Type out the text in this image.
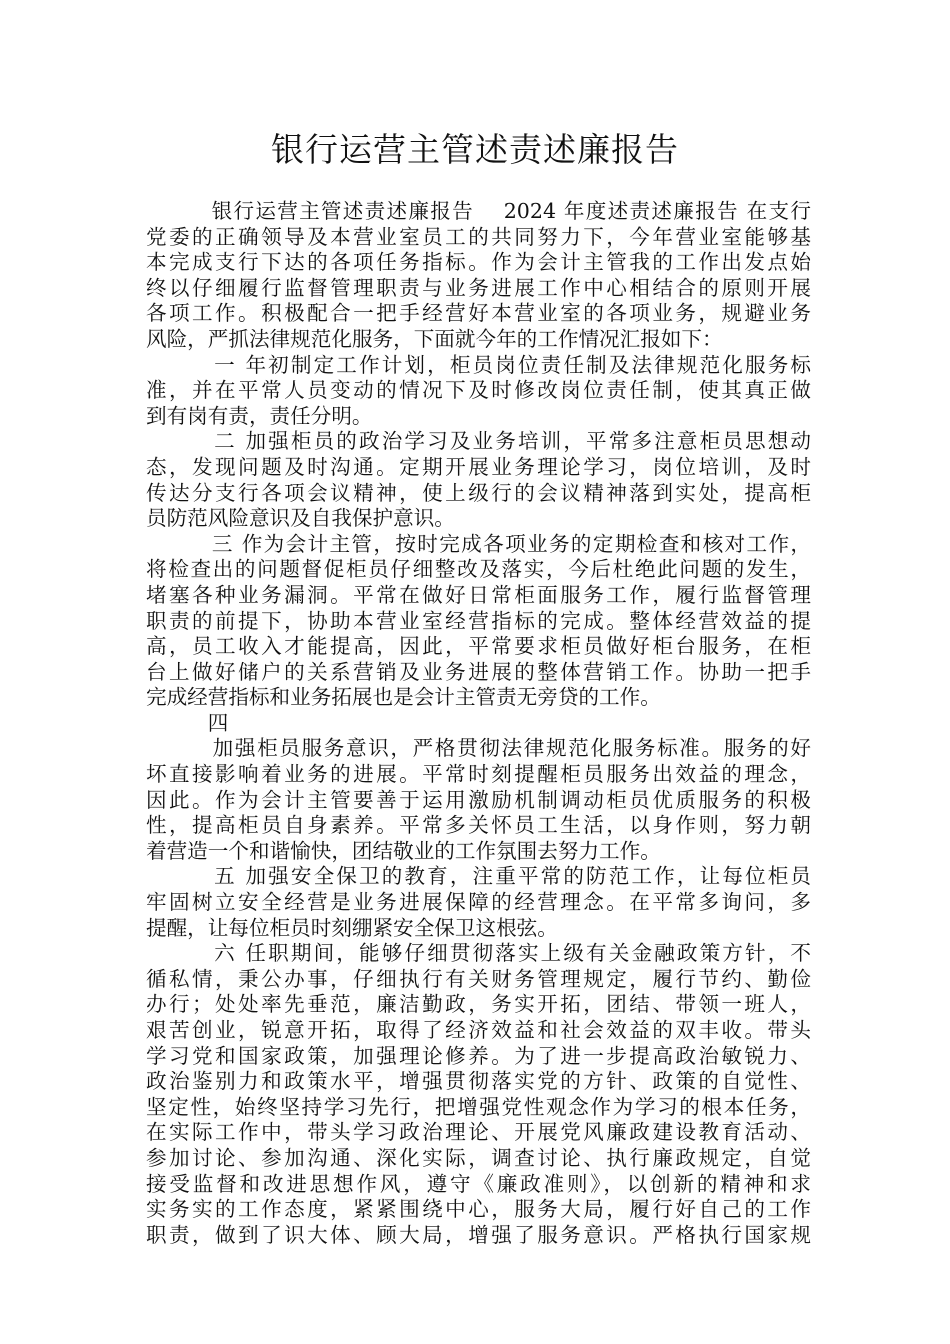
银行运营主管述责述廉报告
　　　银行运营主管述责述廉报告　 2024 年度述责述廉报告 在支行
党委的正确领导及本营业室员工的共同努力下，今年营业室能够基
本完成支行下达的各项任务指标。作为会计主管我的工作出发点始
终以仔细履行监督管理职责与业务进展工作中心相结合的原则开展
各项工作。积极配合一把手经营好本营业室的各项业务，规避业务
风险，严抓法律规范化服务，下面就今年的工作情况汇报如下：
　　　一 年初制定工作计划，柜员岗位责任制及法律规范化服务标
准，并在平常人员变动的情况下及时修改岗位责任制，使其真正做
到有岗有责，责任分明。
　　　二 加强柜员的政治学习及业务培训，平常多注意柜员思想动
态，发现问题及时沟通。定期开展业务理论学习，岗位培训，及时
传达分支行各项会议精神，使上级行的会议精神落到实处，提高柜
员防范风险意识及自我保护意识。
　　　三 作为会计主管，按时完成各项业务的定期检查和核对工作，
将检查出的问题督促柜员仔细整改及落实，今后杜绝此问题的发生，
堵塞各种业务漏洞。平常在做好日常柜面服务工作，履行监督管理
职责的前提下，协助本营业室经营指标的完成。整体经营效益的提
高，员工收入才能提高，因此，平常要求柜员做好柜台服务，在柜
台上做好储户的关系营销及业务进展的整体营销工作。协助一把手
完成经营指标和业务拓展也是会计主管责无旁贷的工作。
　　　四
　　　加强柜员服务意识，严格贯彻法律规范化服务标准。服务的好
坏直接影响着业务的进展。平常时刻提醒柜员服务出效益的理念，
因此。作为会计主管要善于运用激励机制调动柜员优质服务的积极
性，提高柜员自身素养。平常多关怀员工生活，以身作则，努力朝
着营造一个和谐愉快，团结敬业的工作氛围去努力工作。
　　　五 加强安全保卫的教育，注重平常的防范工作，让每位柜员
牢固树立安全经营是业务进展保障的经营理念。在平常多询问，多
提醒，让每位柜员时刻绷紧安全保卫这根弦。
　　　六 任职期间，能够仔细贯彻落实上级有关金融政策方针，不
循私情，秉公办事，仔细执行有关财务管理规定，履行节约、勤俭
办行；处处率先垂范，廉洁勤政，务实开拓，团结、带领一班人，
艰苦创业，锐意开拓，取得了经济效益和社会效益的双丰收。带头
学习党和国家政策，加强理论修养。为了进一步提高政治敏锐力、
政治鉴别力和政策水平，增强贯彻落实党的方针、政策的自觉性、
坚定性，始终坚持学习先行，把增强党性观念作为学习的根本任务，
在实际工作中，带头学习政治理论、开展党风廉政建设教育活动、
参加讨论、参加沟通、深化实际，调查讨论、执行廉政规定，自觉
接受监督和改进思想作风，遵守《廉政准则》，以创新的精神和求
实务实的工作态度，紧紧围绕中心，服务大局，履行好自己的工作
职责，做到了识大体、顾大局，增强了服务意识。严格执行国家规
